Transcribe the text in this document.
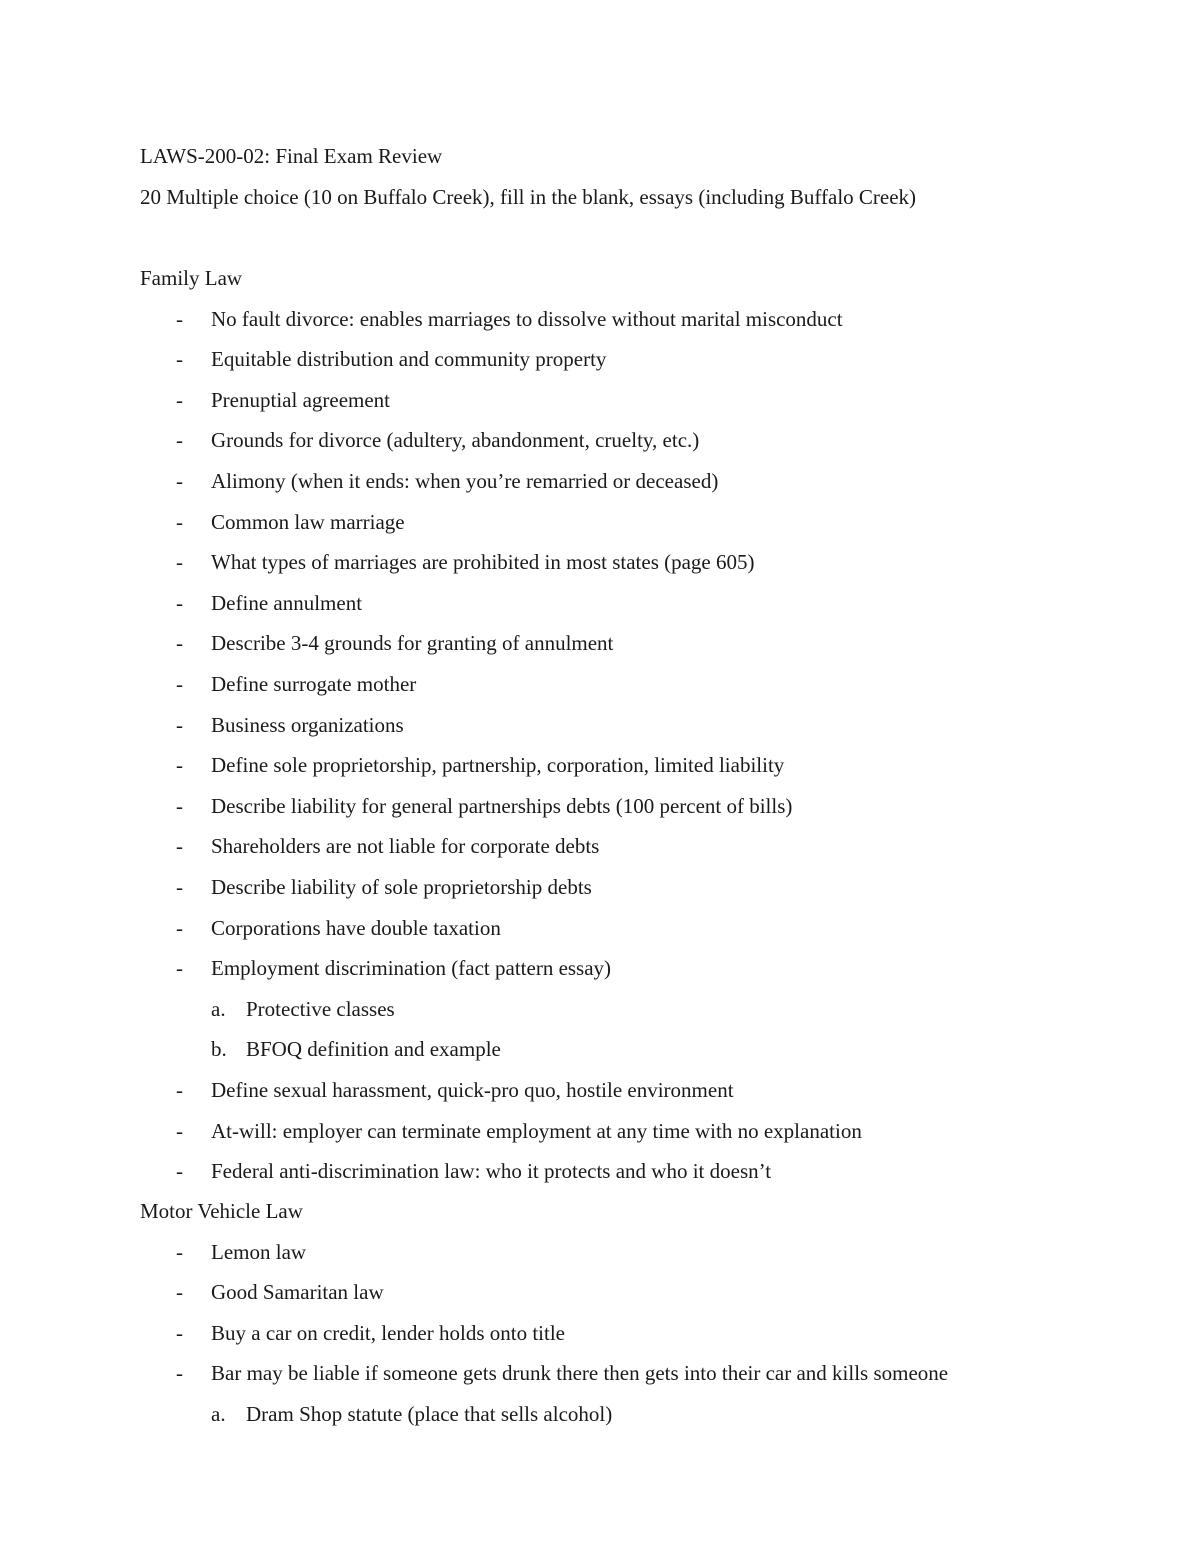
LAWS-200-02: Final Exam Review
20 Multiple choice (10 on Buffalo Creek), fill in the blank, essays (including Buffalo Creek)
Family Law
- No fault divorce: enables marriages to dissolve without marital misconduct
- Equitable distribution and community property
- Prenuptial agreement
- Grounds for divorce (adultery, abandonment, cruelty, etc.)
- Alimony (when it ends: when you’re remarried or deceased)
- Common law marriage
- What types of marriages are prohibited in most states (page 605)
- Define annulment
- Describe 3-4 grounds for granting of annulment
- Define surrogate mother
- Business organizations
- Define sole proprietorship, partnership, corporation, limited liability
- Describe liability for general partnerships debts (100 percent of bills)
- Shareholders are not liable for corporate debts
- Describe liability of sole proprietorship debts
- Corporations have double taxation
- Employment discrimination (fact pattern essay)
a. Protective classes
b. BFOQ definition and example
- Define sexual harassment, quick-pro quo, hostile environment
- At-will: employer can terminate employment at any time with no explanation
- Federal anti-discrimination law: who it protects and who it doesn’t
Motor Vehicle Law
- Lemon law
- Good Samaritan law
- Buy a car on credit, lender holds onto title
- Bar may be liable if someone gets drunk there then gets into their car and kills someone
a. Dram Shop statute (place that sells alcohol)
